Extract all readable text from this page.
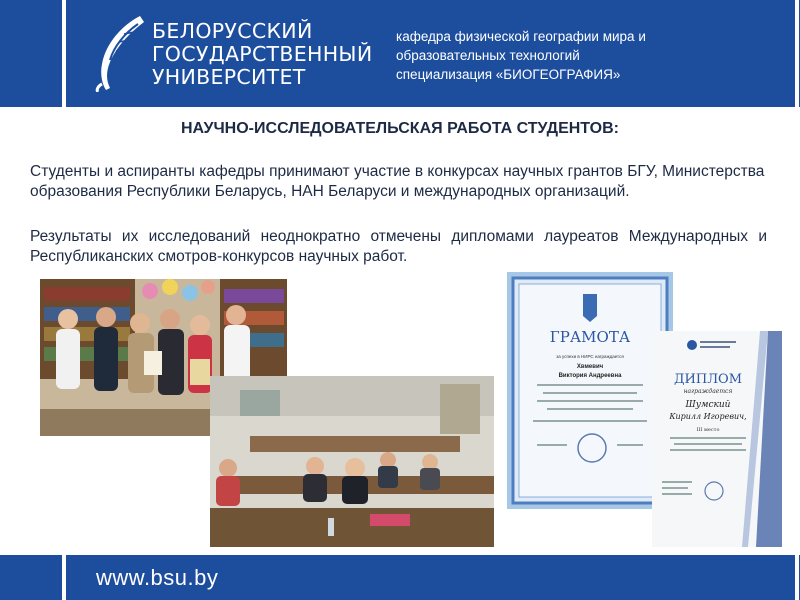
БЕЛОРУССКИЙ
ГОСУДАРСТВЕННЫЙ
УНИВЕРСИТЕТ
кафедра физической географии мира и
образовательных технологий
специализация «БИОГЕОГРАФИЯ»
НАУЧНО-ИССЛЕДОВАТЕЛЬСКАЯ РАБОТА СТУДЕНТОВ:
Студенты и аспиранты кафедры принимают участие в конкурсах научных грантов БГУ, Министерства образования Республики Беларусь, НАН Беларуси и международных организаций.
Результаты их исследований неоднократно отмечены дипломами лауреатов Международных и Республиканских смотров-конкурсов научных работ.
ГРАМОТА
за успехи в НИРС награждается
Хвмевич
Виктория Андреевна	ДИПЛОМ
награждается
Шумский
Кирилл Игоревич,
III место
www.bsu.by
